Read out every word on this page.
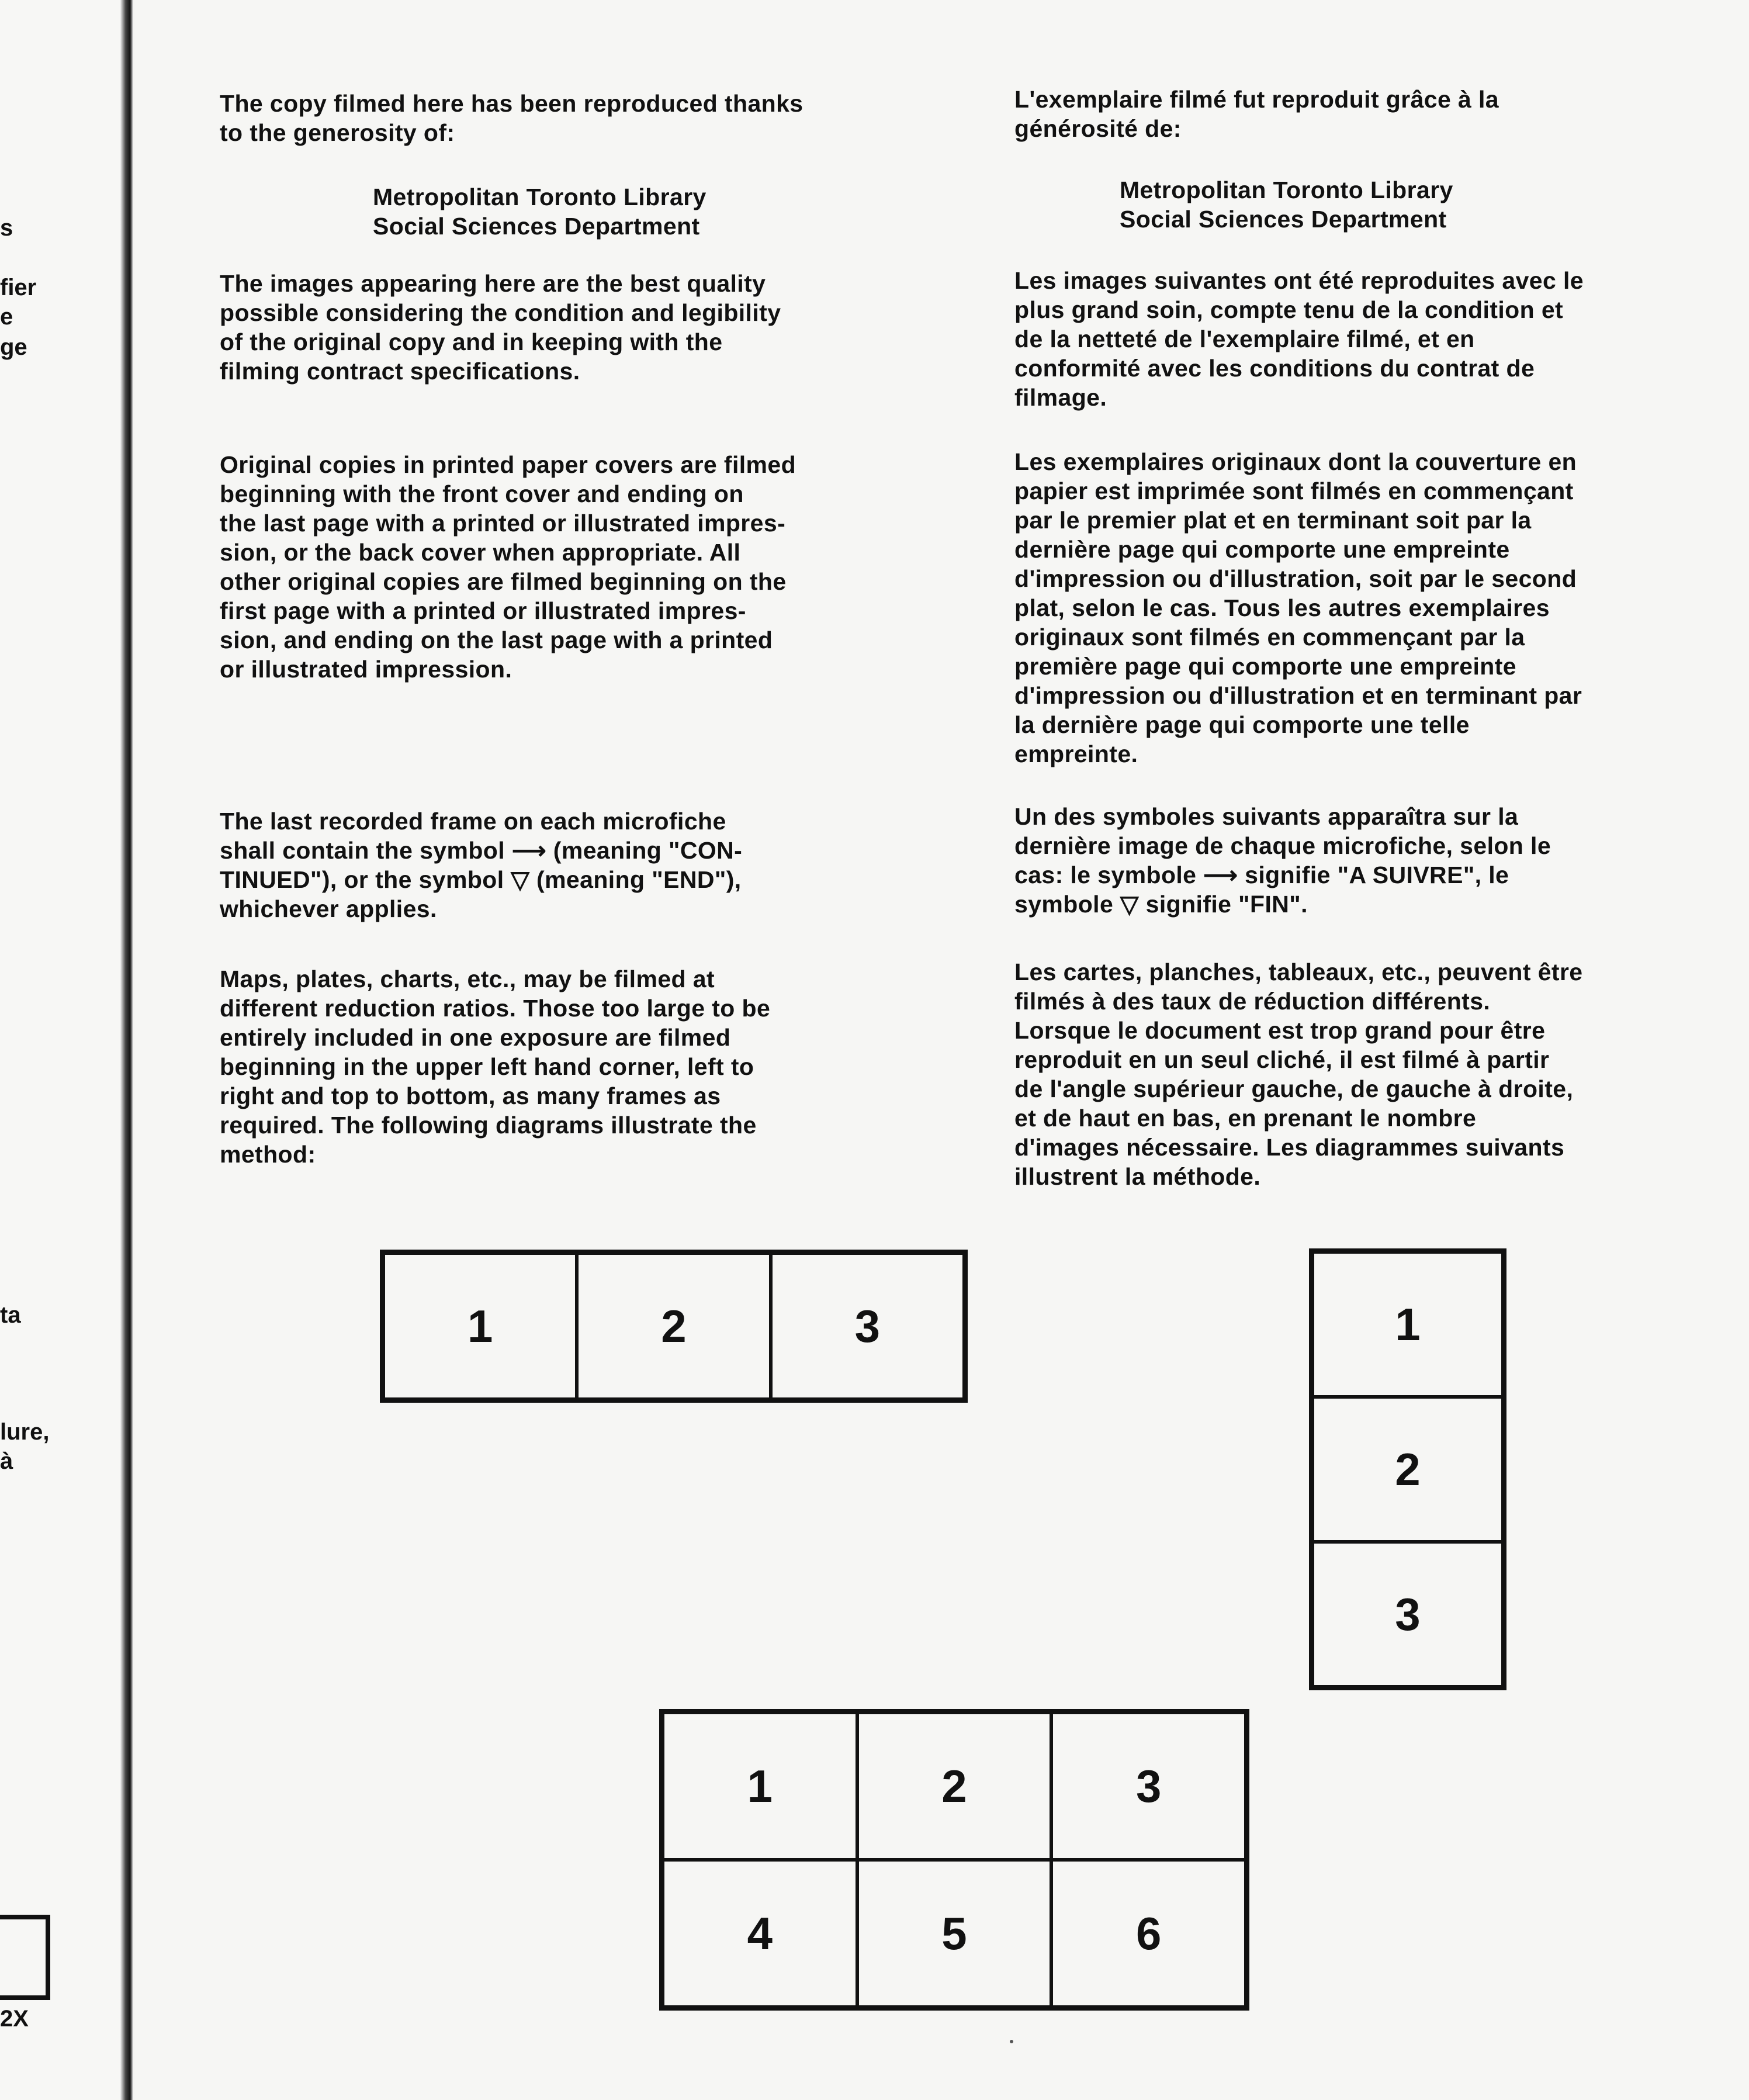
s
fier
e
ge
ta
lure,
à
2X

The copy filmed here has been reproduced thanks
to the generosity of:

Metropolitan Toronto Library
Social Sciences Department

The images appearing here are the best quality
possible considering the condition and legibility
of the original copy and in keeping with the
filming contract specifications.

Original copies in printed paper covers are filmed
beginning with the front cover and ending on
the last page with a printed or illustrated impres-
sion, or the back cover when appropriate. All
other original copies are filmed beginning on the
first page with a printed or illustrated impres-
sion, and ending on the last page with a printed
or illustrated impression.

The last recorded frame on each microfiche
shall contain the symbol ⟶ (meaning "CON-
TINUED"), or the symbol ▽ (meaning "END"),
whichever applies.

Maps, plates, charts, etc., may be filmed at
different reduction ratios. Those too large to be
entirely included in one exposure are filmed
beginning in the upper left hand corner, left to
right and top to bottom, as many frames as
required. The following diagrams illustrate the
method:

L'exemplaire filmé fut reproduit grâce à la
générosité de:

Metropolitan Toronto Library
Social Sciences Department

Les images suivantes ont été reproduites avec le
plus grand soin, compte tenu de la condition et
de la netteté de l'exemplaire filmé, et en
conformité avec les conditions du contrat de
filmage.

Les exemplaires originaux dont la couverture en
papier est imprimée sont filmés en commençant
par le premier plat et en terminant soit par la
dernière page qui comporte une empreinte
d'impression ou d'illustration, soit par le second
plat, selon le cas. Tous les autres exemplaires
originaux sont filmés en commençant par la
première page qui comporte une empreinte
d'impression ou d'illustration et en terminant par
la dernière page qui comporte une telle
empreinte.

Un des symboles suivants apparaîtra sur la
dernière image de chaque microfiche, selon le
cas: le symbole ⟶ signifie "A SUIVRE", le
symbole ▽ signifie "FIN".

Les cartes, planches, tableaux, etc., peuvent être
filmés à des taux de réduction différents.
Lorsque le document est trop grand pour être
reproduit en un seul cliché, il est filmé à partir
de l'angle supérieur gauche, de gauche à droite,
et de haut en bas, en prenant le nombre
d'images nécessaire. Les diagrammes suivants
illustrent la méthode.

1	2	3	1
2
3
1	2	3
4	5	6
